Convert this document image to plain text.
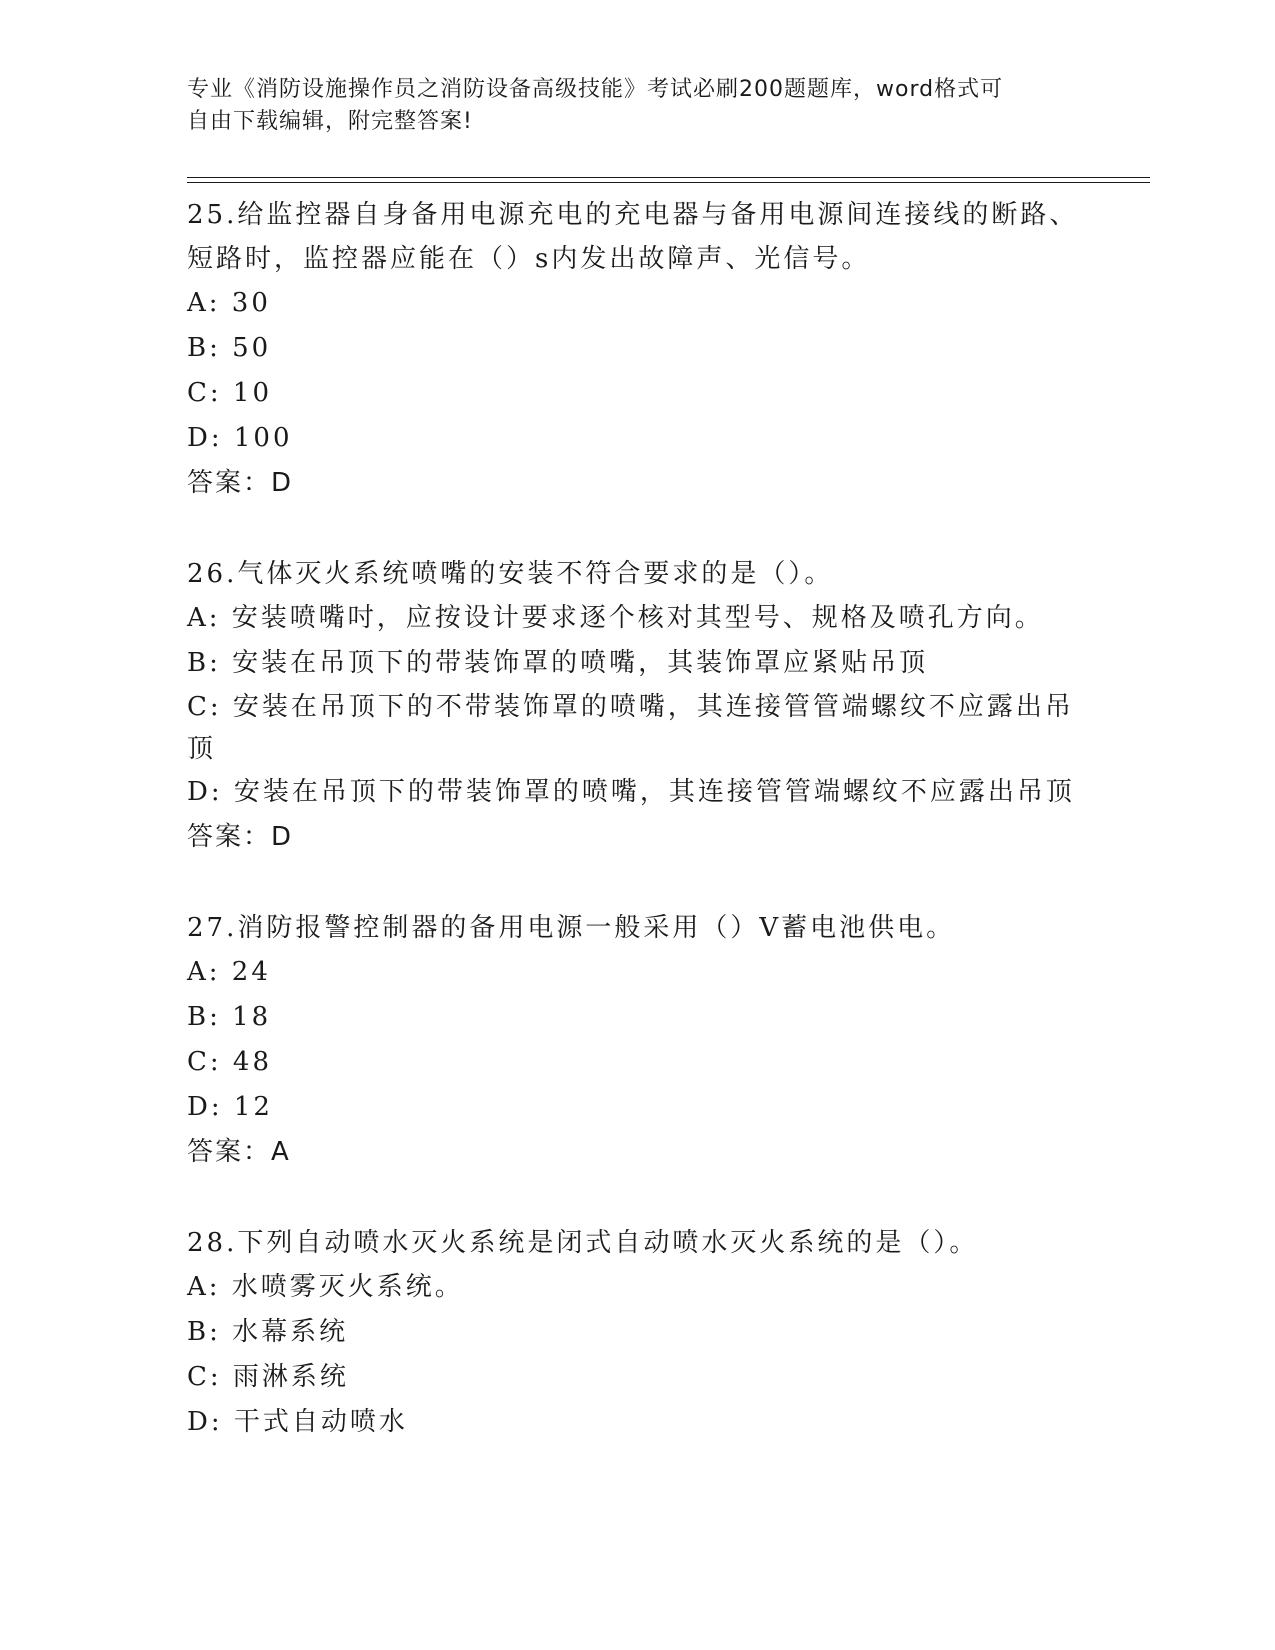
专业《消防设施操作员之消防设备高级技能》考试必刷200题题库，word格式可
自由下载编辑，附完整答案!
25.给监控器自身备用电源充电的充电器与备用电源间连接线的断路、
短路时，监控器应能在（）s内发出故障声、光信号。
A: 30
B: 50
C: 10
D: 100
答案：D
26.气体灭火系统喷嘴的安装不符合要求的是（）。
A: 安装喷嘴吋，应按设计要求逐个核对其型号、规格及喷孔方向。
B: 安装在吊顶下的带装饰罩的喷嘴，其装饰罩应紧贴吊顶
C: 安装在吊顶下的不带装饰罩的喷嘴，其连接管管端螺纹不应露出吊
顶
D: 安装在吊顶下的带装饰罩的喷嘴，其连接管管端螺纹不应露出吊顶
答案：D
27.消防报警控制器的备用电源一般采用（）V蓄电池供电。
A: 24
B: 18
C: 48
D: 12
答案：A
28.下列自动喷水灭火系统是闭式自动喷水灭火系统的是（）。
A: 水喷雾灭火系统。
B: 水幕系统
C: 雨淋系统
D: 干式自动喷水
